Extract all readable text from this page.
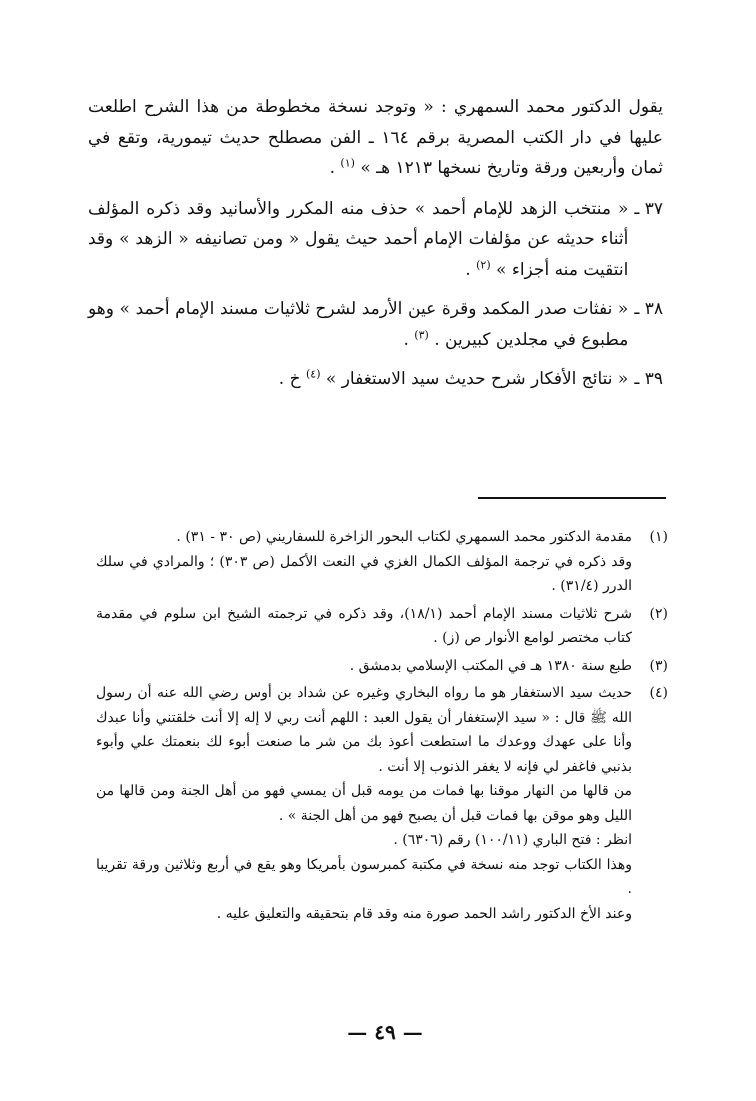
يقول الدكتور محمد السمهري : « وتوجد نسخة مخطوطة من هذا الشرح اطلعت عليها في دار الكتب المصرية برقم ١٦٤ ـ الفن مصطلح حديث تيمورية، وتقع في ثمان وأربعين ورقة وتاريخ نسخها ١٢١٣ هـ » $^{(١)}$ .

٣٧ ـ
« منتخب الزهد للإمام أحمد » حذف منه المكرر والأسانيد وقد ذكره المؤلف أثناء حديثه عن مؤلفات الإمام أحمد حيث يقول « ومن تصانيفه « الزهد » وقد انتقيت منه أجزاء » $^{(٢)}$ .
٣٨ ـ
« نفثات صدر المكمد وقرة عين الأرمد لشرح ثلاثيات مسند الإمام أحمد » وهو مطبوع في مجلدين كبيرين . $^{(٣)}$ .
٣٩ ـ
« نتائج الأفكار شرح حديث سيد الاستغفار » $^{(٤)}$ خ .
(١)
مقدمة الدكتور محمد السمهري لكتاب البحور الزاخرة للسفاريني (ص ٣٠ - ٣١) .
وقد ذكره في ترجمة المؤلف الكمال الغزي في النعت الأكمل (ص ٣٠٣) ؛ والمرادي في سلك الدرر (٣١/٤) .
(٢)
شرح ثلاثيات مسند الإمام أحمد (١٨/١)، وقد ذكره في ترجمته الشيخ ابن سلوم في مقدمة كتاب مختصر لوامع الأنوار ص (ز) .
(٣)
طبع سنة ١٣٨٠ هـ في المكتب الإسلامي بدمشق .
(٤)
حديث سيد الاستغفار هو ما رواه البخاري وغيره عن شداد بن أوس رضي الله عنه أن رسول الله ﷺ قال : « سيد الإستغفار أن يقول العبد : اللهم أنت ربي لا إله إلا أنت خلقتني وأنا عبدك وأنا على عهدك ووعدك ما استطعت أعوذ بك من شر ما صنعت أبوء لك بنعمتك علي وأبوء بذنبي فاغفر لي فإنه لا يغفر الذنوب إلا أنت .
من قالها من النهار موقنا بها فمات من يومه قبل أن يمسي فهو من أهل الجنة ومن قالها من الليل وهو موقن بها فمات قبل أن يصبح فهو من أهل الجنة » .
انظر : فتح الباري (١٠٠/١١) رقم (٦٣٠٦) .
وهذا الكتاب توجد منه نسخة في مكتبة كمبرسون بأمريكا وهو يقع في أربع وثلاثين ورقة تقريبا .
وعند الأخ الدكتور راشد الحمد صورة منه وقد قام بتحقيقه والتعليق عليه .
— ٤٩ —
